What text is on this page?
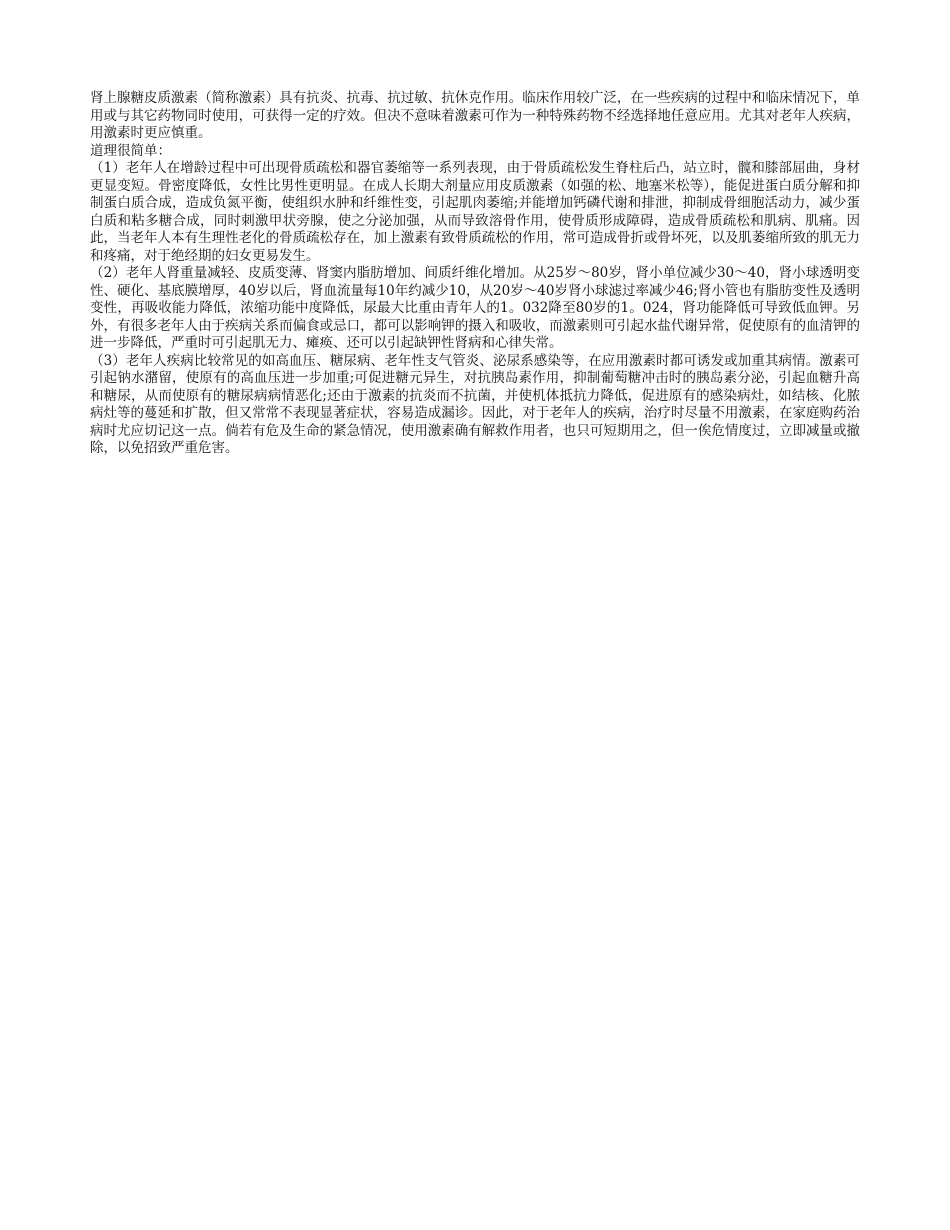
肾上腺糖皮质激素（简称激素）具有抗炎、抗毒、抗过敏、抗休克作用。临床作用较广泛，在一些疾病的过程中和临床情况下，单用或与其它药物同时使用，可获得一定的疗效。但决不意味着激素可作为一种特殊药物不经选择地任意应用。尤其对老年人疾病，用激素时更应慎重。

道理很简单：

（1）老年人在增龄过程中可出现骨质疏松和器官萎缩等一系列表现，由于骨质疏松发生脊柱后凸，站立时，髋和膝部屈曲，身材更显变短。骨密度降低，女性比男性更明显。在成人长期大剂量应用皮质激素（如强的松、地塞米松等），能促进蛋白质分解和抑制蛋白质合成，造成负氮平衡，使组织水肿和纤维性变，引起肌肉萎缩;并能增加钙磷代谢和排泄，抑制成骨细胞活动力，减少蛋白质和粘多糖合成，同时刺激甲状旁腺，使之分泌加强，从而导致溶骨作用，使骨质形成障碍，造成骨质疏松和肌病、肌痛。因此，当老年人本有生理性老化的骨质疏松存在，加上激素有致骨质疏松的作用，常可造成骨折或骨坏死，以及肌萎缩所致的肌无力和疼痛，对于绝经期的妇女更易发生。

（2）老年人肾重量减轻、皮质变薄、肾窦内脂肪增加、间质纤维化增加。从25岁～80岁，肾小单位减少30～40，肾小球透明变性、硬化、基底膜增厚，40岁以后，肾血流量每10年约减少10，从20岁～40岁肾小球滤过率减少46;肾小管也有脂肪变性及透明变性，再吸收能力降低，浓缩功能中度降低，尿最大比重由青年人的1。032降至80岁的1。024，肾功能降低可导致低血钾。另外，有很多老年人由于疾病关系而偏食或忌口，都可以影响钾的摄入和吸收，而激素则可引起水盐代谢异常，促使原有的血清钾的进一步降低，严重时可引起肌无力、瘫痪、还可以引起缺钾性肾病和心律失常。

（3）老年人疾病比较常见的如高血压、糖尿病、老年性支气管炎、泌尿系感染等，在应用激素时都可诱发或加重其病情。激素可引起钠水潴留，使原有的高血压进一步加重;可促进糖元异生，对抗胰岛素作用，抑制葡萄糖冲击时的胰岛素分泌，引起血糖升高和糖尿，从而使原有的糖尿病病情恶化;还由于激素的抗炎而不抗菌，并使机体抵抗力降低，促进原有的感染病灶，如结核、化脓病灶等的蔓延和扩散，但又常常不表现显著症状，容易造成漏诊。因此，对于老年人的疾病，治疗时尽量不用激素，在家庭购药治病时尤应切记这一点。倘若有危及生命的紧急情况，使用激素确有解救作用者，也只可短期用之，但一俟危情度过，立即减量或撤除，以免招致严重危害。
